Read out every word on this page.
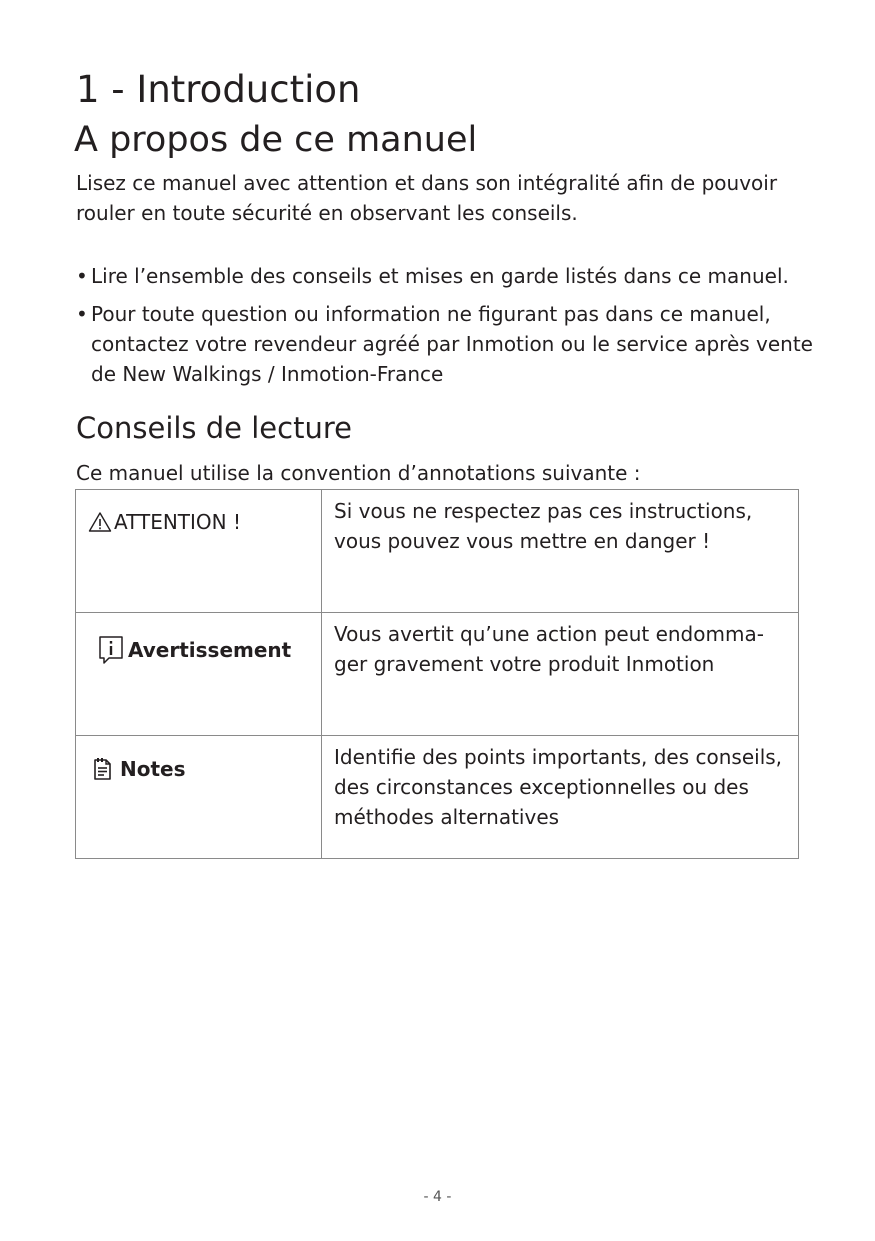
1 - Introduction
A propos de ce manuel

Lisez ce manuel avec attention et dans son intégralité afin de pouvoir rouler en toute sécurité en observant les conseils.

• Lire l’ensemble des conseils et mises en garde listés dans ce manuel.
• Pour toute question ou information ne figurant pas dans ce manuel, contactez votre revendeur agréé par Inmotion ou le service après vente de New Walkings / Inmotion-France
Conseils de lecture

Ce manuel utilise la convention d’annotations suivante :

ATTENTION !	Si vous ne respectez pas ces instructions, vous pouvez vous mettre en danger !

Avertissement	Vous avertit qu’une action peut endomma-ger gravement votre produit Inmotion

Notes	Identifie des points importants, des conseils, des circonstances exceptionnelles ou des méthodes alternatives

- 4 -
